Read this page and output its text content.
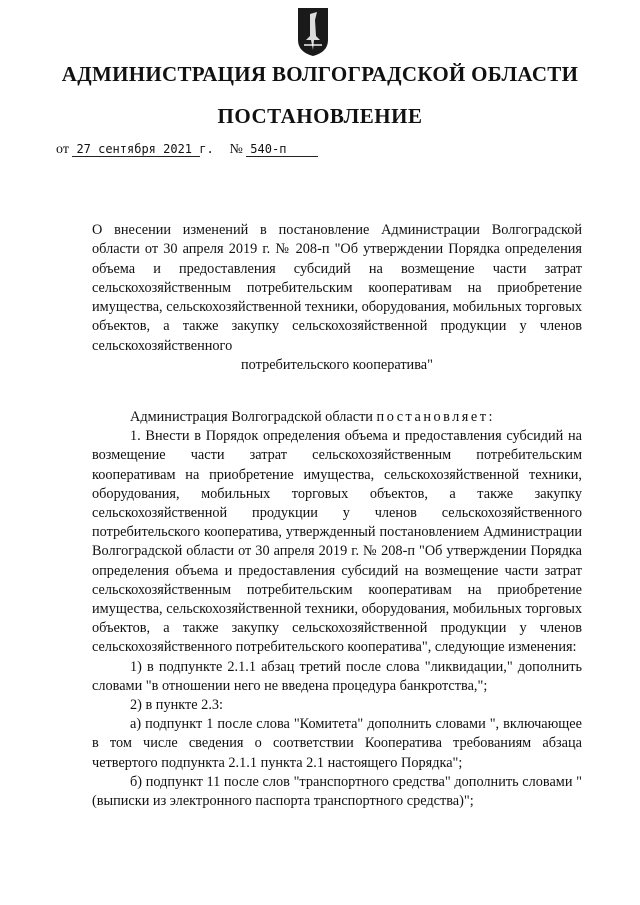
АДМИНИСТРАЦИЯ ВОЛГОГРАДСКОЙ ОБЛАСТИ
ПОСТАНОВЛЕНИЕ
от 27 сентября 2021 г. № 540-п
О внесении изменений в постановление Администрации Волгоградской области от 30 апреля 2019 г. № 208-п "Об утверждении Порядка определения объема и предоставления субсидий на возмещение части затрат сельскохозяйственным потребительским кооперативам на приобретение имущества, сельскохозяйственной техники, оборудования, мобильных торговых объектов, а также закупку сельскохозяйственной продукции у членов сельскохозяйственного
потребительского кооператива"

Администрация Волгоградской области постановляет:

1. Внести в Порядок определения объема и предоставления субсидий на возмещение части затрат сельскохозяйственным потребительским кооперативам на приобретение имущества, сельскохозяйственной техники, оборудования, мобильных торговых объектов, а также закупку сельскохозяйственной продукции у членов сельскохозяйственного потребительского кооператива, утвержденный постановлением Администрации Волгоградской области от 30 апреля 2019 г. № 208-п "Об утверждении Порядка определения объема и предоставления субсидий на возмещение части затрат сельскохозяйственным потребительским кооперативам на приобретение имущества, сельскохозяйственной техники, оборудования, мобильных торговых объектов, а также закупку сельскохозяйственной продукции у членов сельскохозяйственного потребительского кооператива", следующие изменения:

1) в подпункте 2.1.1 абзац третий после слова "ликвидации," дополнить словами "в отношении него не введена процедура банкротства,";

2) в пункте 2.3:

а) подпункт 1 после слова "Комитета" дополнить словами ", включающее в том числе сведения о соответствии Кооператива требованиям абзаца четвертого подпункта 2.1.1 пункта 2.1 настоящего Порядка";

б) подпункт 11 после слов "транспортного средства" дополнить словами "(выписки из электронного паспорта транспортного средства)";
